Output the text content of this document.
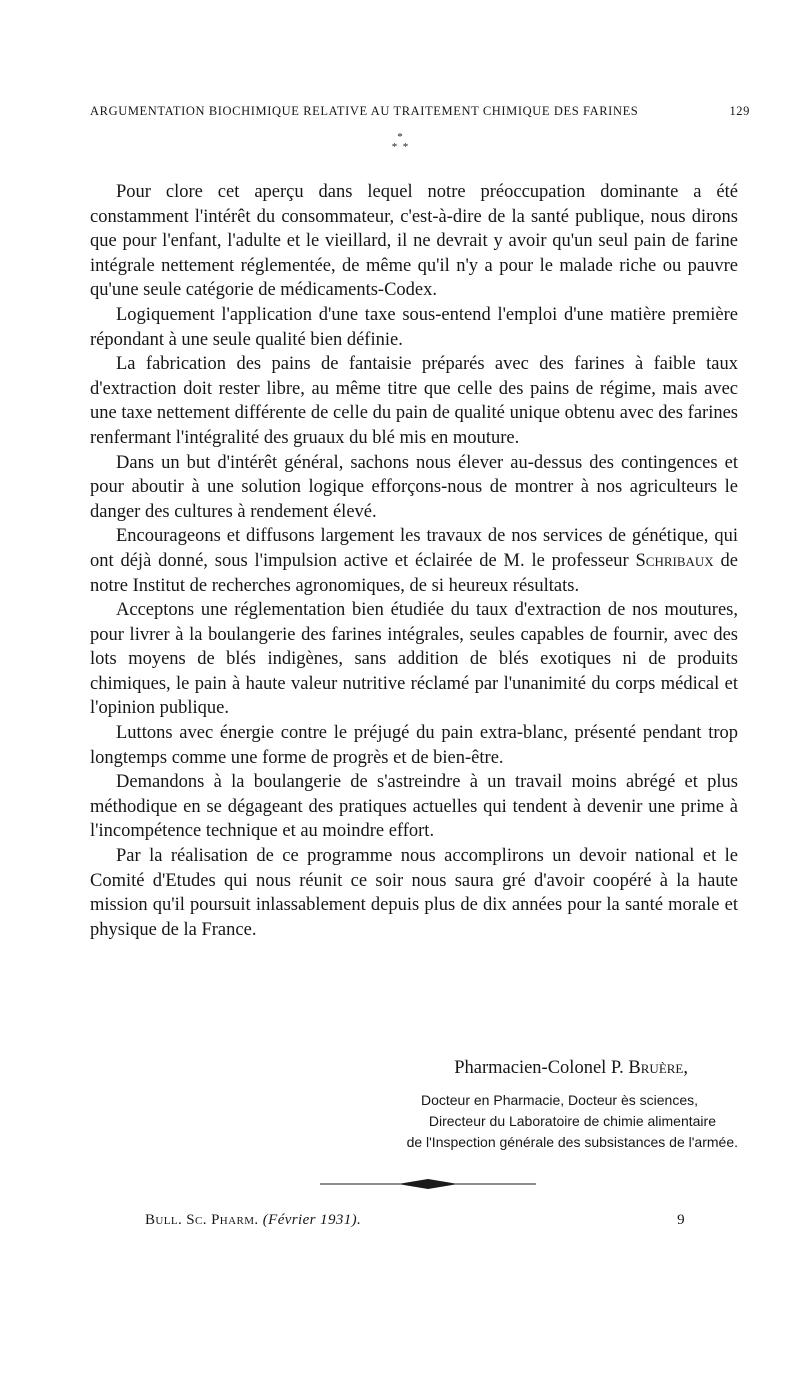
ARGUMENTATION BIOCHIMIQUE RELATIVE AU TRAITEMENT CHIMIQUE DES FARINES	129
*
*  *

Pour clore cet aperçu dans lequel notre préoccupation dominante a été constamment l'intérêt du consommateur, c'est-à-dire de la santé publique, nous dirons que pour l'enfant, l'adulte et le vieillard, il ne devrait y avoir qu'un seul pain de farine intégrale nettement réglementée, de même qu'il n'y a pour le malade riche ou pauvre qu'une seule catégorie de médicaments-Codex.

Logiquement l'application d'une taxe sous-entend l'emploi d'une matière première répondant à une seule qualité bien définie.

La fabrication des pains de fantaisie préparés avec des farines à faible taux d'extraction doit rester libre, au même titre que celle des pains de régime, mais avec une taxe nettement différente de celle du pain de qualité unique obtenu avec des farines renfermant l'intégralité des gruaux du blé mis en mouture.

Dans un but d'intérêt général, sachons nous élever au-dessus des contingences et pour aboutir à une solution logique efforçons-nous de montrer à nos agriculteurs le danger des cultures à rendement élevé.

Encourageons et diffusons largement les travaux de nos services de génétique, qui ont déjà donné, sous l'impulsion active et éclairée de M. le professeur Schribaux de notre Institut de recherches agronomiques, de si heureux résultats.

Acceptons une réglementation bien étudiée du taux d'extraction de nos moutures, pour livrer à la boulangerie des farines intégrales, seules capables de fournir, avec des lots moyens de blés indigènes, sans addition de blés exotiques ni de produits chimiques, le pain à haute valeur nutritive réclamé par l'unanimité du corps médical et l'opinion publique.

Luttons avec énergie contre le préjugé du pain extra-blanc, présenté pendant trop longtemps comme une forme de progrès et de bien-être.

Demandons à la boulangerie de s'astreindre à un travail moins abrégé et plus méthodique en se dégageant des pratiques actuelles qui tendent à devenir une prime à l'incompétence technique et au moindre effort.

Par la réalisation de ce programme nous accomplirons un devoir national et le Comité d'Etudes qui nous réunit ce soir nous saura gré d'avoir coopéré à la haute mission qu'il poursuit inlassablement depuis plus de dix années pour la santé morale et physique de la France.

Pharmacien-Colonel P. Bruère,
Docteur en Pharmacie, Docteur ès sciences,
Directeur du Laboratoire de chimie alimentaire
de l'Inspection générale des subsistances de l'armée.
Bull. Sc. Pharm. (Février 1931).	9
